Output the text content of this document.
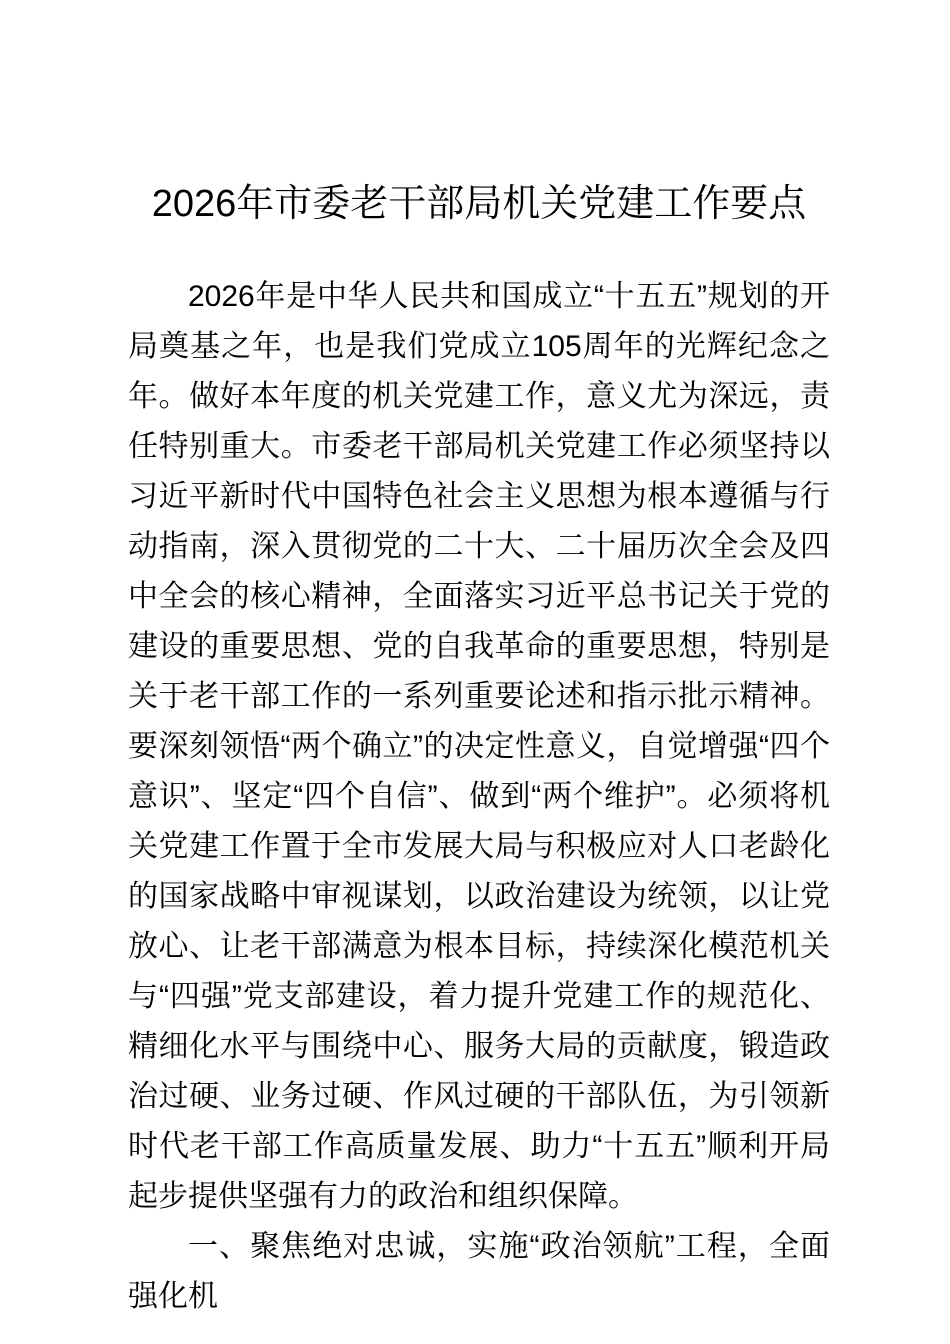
2026年市委老干部局机关党建工作要点

2026年是中华人民共和国成立“十五五”规划的开局奠基之年，也是我们党成立105周年的光辉纪念之年。做好本年度的机关党建工作，意义尤为深远，责任特别重大。市委老干部局机关党建工作必须坚持以习近平新时代中国特色社会主义思想为根本遵循与行动指南，深入贯彻党的二十大、二十届历次全会及四中全会的核心精神，全面落实习近平总书记关于党的建设的重要思想、党的自我革命的重要思想，特别是关于老干部工作的一系列重要论述和指示批示精神。要深刻领悟“两个确立”的决定性意义，自觉增强“四个意识”、坚定“四个自信”、做到“两个维护”。必须将机关党建工作置于全市发展大局与积极应对人口老龄化的国家战略中审视谋划，以政治建设为统领，以让党放心、让老干部满意为根本目标，持续深化模范机关与“四强”党支部建设，着力提升党建工作的规范化、精细化水平与围绕中心、服务大局的贡献度，锻造政治过硬、业务过硬、作风过硬的干部队伍，为引领新时代老干部工作高质量发展、助力“十五五”顺利开局起步提供坚强有力的政治和组织保障。

一、聚焦绝对忠诚，实施“政治领航”工程，全面强化机
